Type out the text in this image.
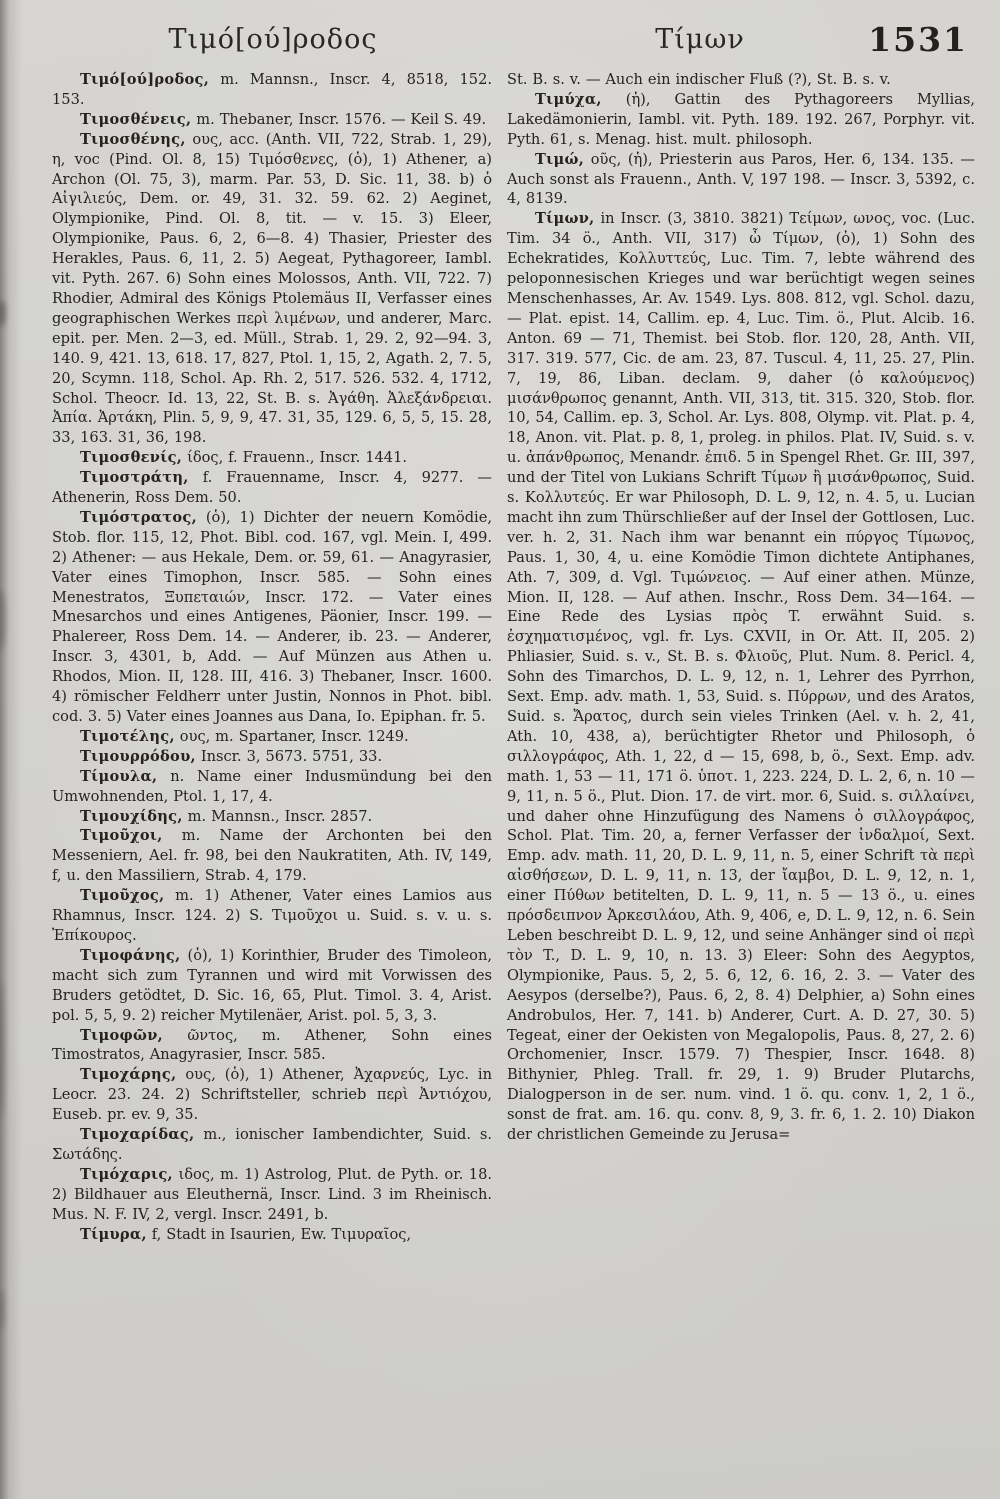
Τιμό[ού]ροδος	Τίμων	1531

Τιμό[ού]ροδος, m. Mannsn., Inscr. 4, 8518, 152. 153.

Τιμοσθένεις, m. Thebaner, Inscr. 1576. — Keil S. 49.

Τιμοσθένης, ους, acc. (Anth. VII, 722, Strab. 1, 29), η, voc (Pind. Ol. 8, 15) Τιμόσθενες, (ὁ), 1) Athener, a) Archon (Ol. 75, 3), marm. Par. 53, D. Sic. 11, 38. b) ὁ Αἰγιλιεύς, Dem. or. 49, 31. 32. 59. 62. 2) Aeginet, Olympionike, Pind. Ol. 8, tit. — v. 15. 3) Eleer, Olympionike, Paus. 6, 2, 6—8. 4) Thasier, Priester des Herakles, Paus. 6, 11, 2. 5) Aegeat, Pythagoreer, Iambl. vit. Pyth. 267. 6) Sohn eines Molossos, Anth. VII, 722. 7) Rhodier, Admiral des Königs Ptolemäus II, Verfasser eines geographischen Werkes περὶ λιμένων, und anderer, Marc. epit. per. Men. 2—3, ed. Müll., Strab. 1, 29. 2, 92—94. 3, 140. 9, 421. 13, 618. 17, 827, Ptol. 1, 15, 2, Agath. 2, 7. 5, 20, Scymn. 118, Schol. Ap. Rh. 2, 517. 526. 532. 4, 1712, Schol. Theocr. Id. 13, 22, St. B. s. Ἀγάθη. Ἀλεξάνδρειαι. Ἀπία. Ἀρτάκη, Plin. 5, 9, 9, 47. 31, 35, 129. 6, 5, 5, 15. 28, 33, 163. 31, 36, 198.

Τιμοσθενίς, ίδος, f. Frauenn., Inscr. 1441.

Τιμοστράτη, f. Frauenname, Inscr. 4, 9277. — Athenerin, Ross Dem. 50.

Τιμόστρατος, (ὁ), 1) Dichter der neuern Komödie, Stob. flor. 115, 12, Phot. Bibl. cod. 167, vgl. Mein. I, 499. 2) Athener: — aus Hekale, Dem. or. 59, 61. — Anagyrasier, Vater eines Timophon, Inscr. 585. — Sohn eines Menestratos, Ξυπεταιών, Inscr. 172. — Vater eines Mnesarchos und eines Antigenes, Päonier, Inscr. 199. — Phalereer, Ross Dem. 14. — Anderer, ib. 23. — Anderer, Inscr. 3, 4301, b, Add. — Auf Münzen aus Athen u. Rhodos, Mion. II, 128. III, 416. 3) Thebaner, Inscr. 1600. 4) römischer Feldherr unter Justin, Nonnos in Phot. bibl. cod. 3. 5) Vater eines Joannes aus Dana, Io. Epiphan. fr. 5.

Τιμοτέλης, ους, m. Spartaner, Inscr. 1249.

Τιμουρρόδου, Inscr. 3, 5673. 5751, 33.

Τίμουλα, n. Name einer Indusmündung bei den Umwohnenden, Ptol. 1, 17, 4.

Τιμουχίδης, m. Mannsn., Inscr. 2857.

Τιμοῦχοι, m. Name der Archonten bei den Messeniern, Ael. fr. 98, bei den Naukratiten, Ath. IV, 149, f, u. den Massiliern, Strab. 4, 179.

Τιμοῦχος, m. 1) Athener, Vater eines Lamios aus Rhamnus, Inscr. 124. 2) S. Τιμοῦχοι u. Suid. s. v. u. s. Ἐπίκουρος.

Τιμοφάνης, (ὁ), 1) Korinthier, Bruder des Timoleon, macht sich zum Tyrannen und wird mit Vorwissen des Bruders getödtet, D. Sic. 16, 65, Plut. Timol. 3. 4, Arist. pol. 5, 5, 9. 2) reicher Mytilenäer, Arist. pol. 5, 3, 3.

Τιμοφῶν, ῶντος, m. Athener, Sohn eines Timostratos, Anagyrasier, Inscr. 585.

Τιμοχάρης, ους, (ὁ), 1) Athener, Ἀχαρνεύς, Lyc. in Leocr. 23. 24. 2) Schriftsteller, schrieb περὶ Ἀντιόχου, Euseb. pr. ev. 9, 35.

Τιμοχαρίδας, m., ionischer Iambendichter, Suid. s. Σωτάδης.

Τιμόχαρις, ιδος, m. 1) Astrolog, Plut. de Pyth. or. 18. 2) Bildhauer aus Eleuthernä, Inscr. Lind. 3 im Rheinisch. Mus. N. F. IV, 2, vergl. Inscr. 2491, b.

Τίμυρα, f, Stadt in Isaurien, Ew. Τιμυραῖος,

St. B. s. v. — Auch ein indischer Fluß (?), St. B. s. v.

Τιμύχα, (ἡ), Gattin des Pythagoreers Myllias, Lakedämonierin, Iambl. vit. Pyth. 189. 192. 267, Porphyr. vit. Pyth. 61, s. Menag. hist. mult. philosoph.

Τιμώ, οῦς, (ἡ), Priesterin aus Paros, Her. 6, 134. 135. — Auch sonst als Frauenn., Anth. V, 197 198. — Inscr. 3, 5392, c. 4, 8139.

Τίμων, in Inscr. (3, 3810. 3821) Τείμων, ωνος, voc. (Luc. Tim. 34 ö., Anth. VII, 317) ὦ Τίμων, (ὁ), 1) Sohn des Echekratides, Κολλυττεύς, Luc. Tim. 7, lebte während des peloponnesischen Krieges und war berüchtigt wegen seines Menschenhasses, Ar. Av. 1549. Lys. 808. 812, vgl. Schol. dazu, — Plat. epist. 14, Callim. ep. 4, Luc. Tim. ö., Plut. Alcib. 16. Anton. 69 — 71, Themist. bei Stob. flor. 120, 28, Anth. VII, 317. 319. 577, Cic. de am. 23, 87. Tuscul. 4, 11, 25. 27, Plin. 7, 19, 86, Liban. declam. 9, daher (ὁ καλούμενος) μισάνθρωπος genannt, Anth. VII, 313, tit. 315. 320, Stob. flor. 10, 54, Callim. ep. 3, Schol. Ar. Lys. 808, Olymp. vit. Plat. p. 4, 18, Anon. vit. Plat. p. 8, 1, proleg. in philos. Plat. IV, Suid. s. v. u. ἀπάνθρωπος, Menandr. ἐπιδ. 5 in Spengel Rhet. Gr. III, 397, und der Titel von Lukians Schrift Τίμων ἢ μισάνθρωπος, Suid. s. Κολλυτεύς. Er war Philosoph, D. L. 9, 12, n. 4. 5, u. Lucian macht ihn zum Thürschließer auf der Insel der Gottlosen, Luc. ver. h. 2, 31. Nach ihm war benannt ein πύργος Τίμωνος, Paus. 1, 30, 4, u. eine Komödie Timon dichtete Antiphanes, Ath. 7, 309, d. Vgl. Τιμώνειος. — Auf einer athen. Münze, Mion. II, 128. — Auf athen. Inschr., Ross Dem. 34—164. — Eine Rede des Lysias πρὸς T. erwähnt Suid. s. ἐσχηματισμένος, vgl. fr. Lys. CXVII, in Or. Att. II, 205. 2) Phliasier, Suid. s. v., St. B. s. Φλιοῦς, Plut. Num. 8. Pericl. 4, Sohn des Timarchos, D. L. 9, 12, n. 1, Lehrer des Pyrrhon, Sext. Emp. adv. math. 1, 53, Suid. s. Πύρρων, und des Aratos, Suid. s. Ἄρατος, durch sein vieles Trinken (Ael. v. h. 2, 41, Ath. 10, 438, a), berüchtigter Rhetor und Philosoph, ὁ σιλλογράφος, Ath. 1, 22, d — 15, 698, b, ö., Sext. Emp. adv. math. 1, 53 — 11, 171 ö. ὑποτ. 1, 223. 224, D. L. 2, 6, n. 10 — 9, 11, n. 5 ö., Plut. Dion. 17. de virt. mor. 6, Suid. s. σιλλαίνει, und daher ohne Hinzufügung des Namens ὁ σιλλογράφος, Schol. Plat. Tim. 20, a, ferner Verfasser der ἰνδαλμοί, Sext. Emp. adv. math. 11, 20, D. L. 9, 11, n. 5, einer Schrift τὰ περὶ αἰσθήσεων, D. L. 9, 11, n. 13, der ἴαμβοι, D. L. 9, 12, n. 1, einer Πύθων betitelten, D. L. 9, 11, n. 5 — 13 ö., u. eines πρόσδειπνον Ἀρκεσιλάου, Ath. 9, 406, e, D. L. 9, 12, n. 6. Sein Leben beschreibt D. L. 9, 12, und seine Anhänger sind οἱ περὶ τὸν T., D. L. 9, 10, n. 13. 3) Eleer: Sohn des Aegyptos, Olympionike, Paus. 5, 2, 5. 6, 12, 6. 16, 2. 3. — Vater des Aesypos (derselbe?), Paus. 6, 2, 8. 4) Delphier, a) Sohn eines Androbulos, Her. 7, 141. b) Anderer, Curt. A. D. 27, 30. 5) Tegeat, einer der Oekisten von Megalopolis, Paus. 8, 27, 2. 6) Orchomenier, Inscr. 1579. 7) Thespier, Inscr. 1648. 8) Bithynier, Phleg. Trall. fr. 29, 1. 9) Bruder Plutarchs, Dialogperson in de ser. num. vind. 1 ö. qu. conv. 1, 2, 1 ö., sonst de frat. am. 16. qu. conv. 8, 9, 3. fr. 6, 1. 2. 10) Diakon der christlichen Gemeinde zu Jerusa=
